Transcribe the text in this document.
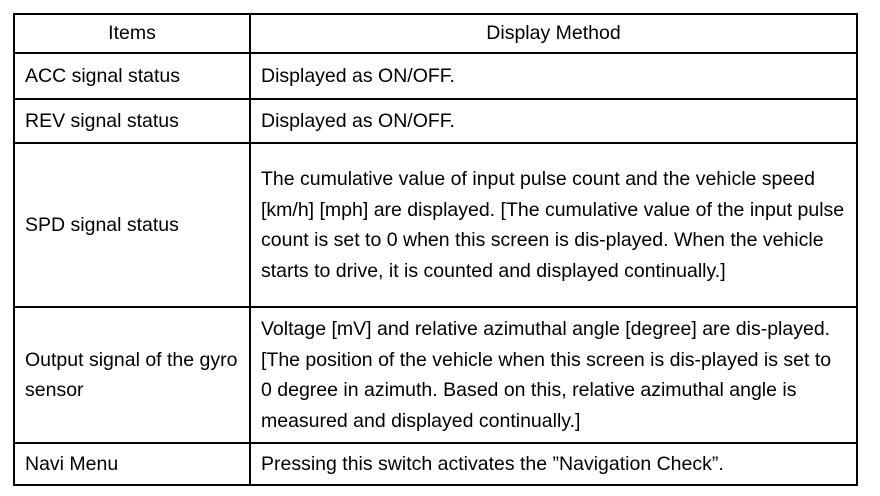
Items	Display Method
ACC signal status	Displayed as ON/OFF.
REV signal status	Displayed as ON/OFF.
SPD signal status	The cumulative value of input pulse count and the vehicle speed [km/h] [mph] are displayed. [The cumulative value of the input pulse count is set to 0 when this screen is dis-played. When the vehicle starts to drive, it is counted and displayed continually.]
Output signal of the gyro sensor	Voltage [mV] and relative azimuthal angle [degree] are dis-played. [The position of the vehicle when this screen is dis-played is set to 0 degree in azimuth. Based on this, relative azimuthal angle is measured and displayed continually.]
Navi Menu	Pressing this switch activates the ”Navigation Check”.
